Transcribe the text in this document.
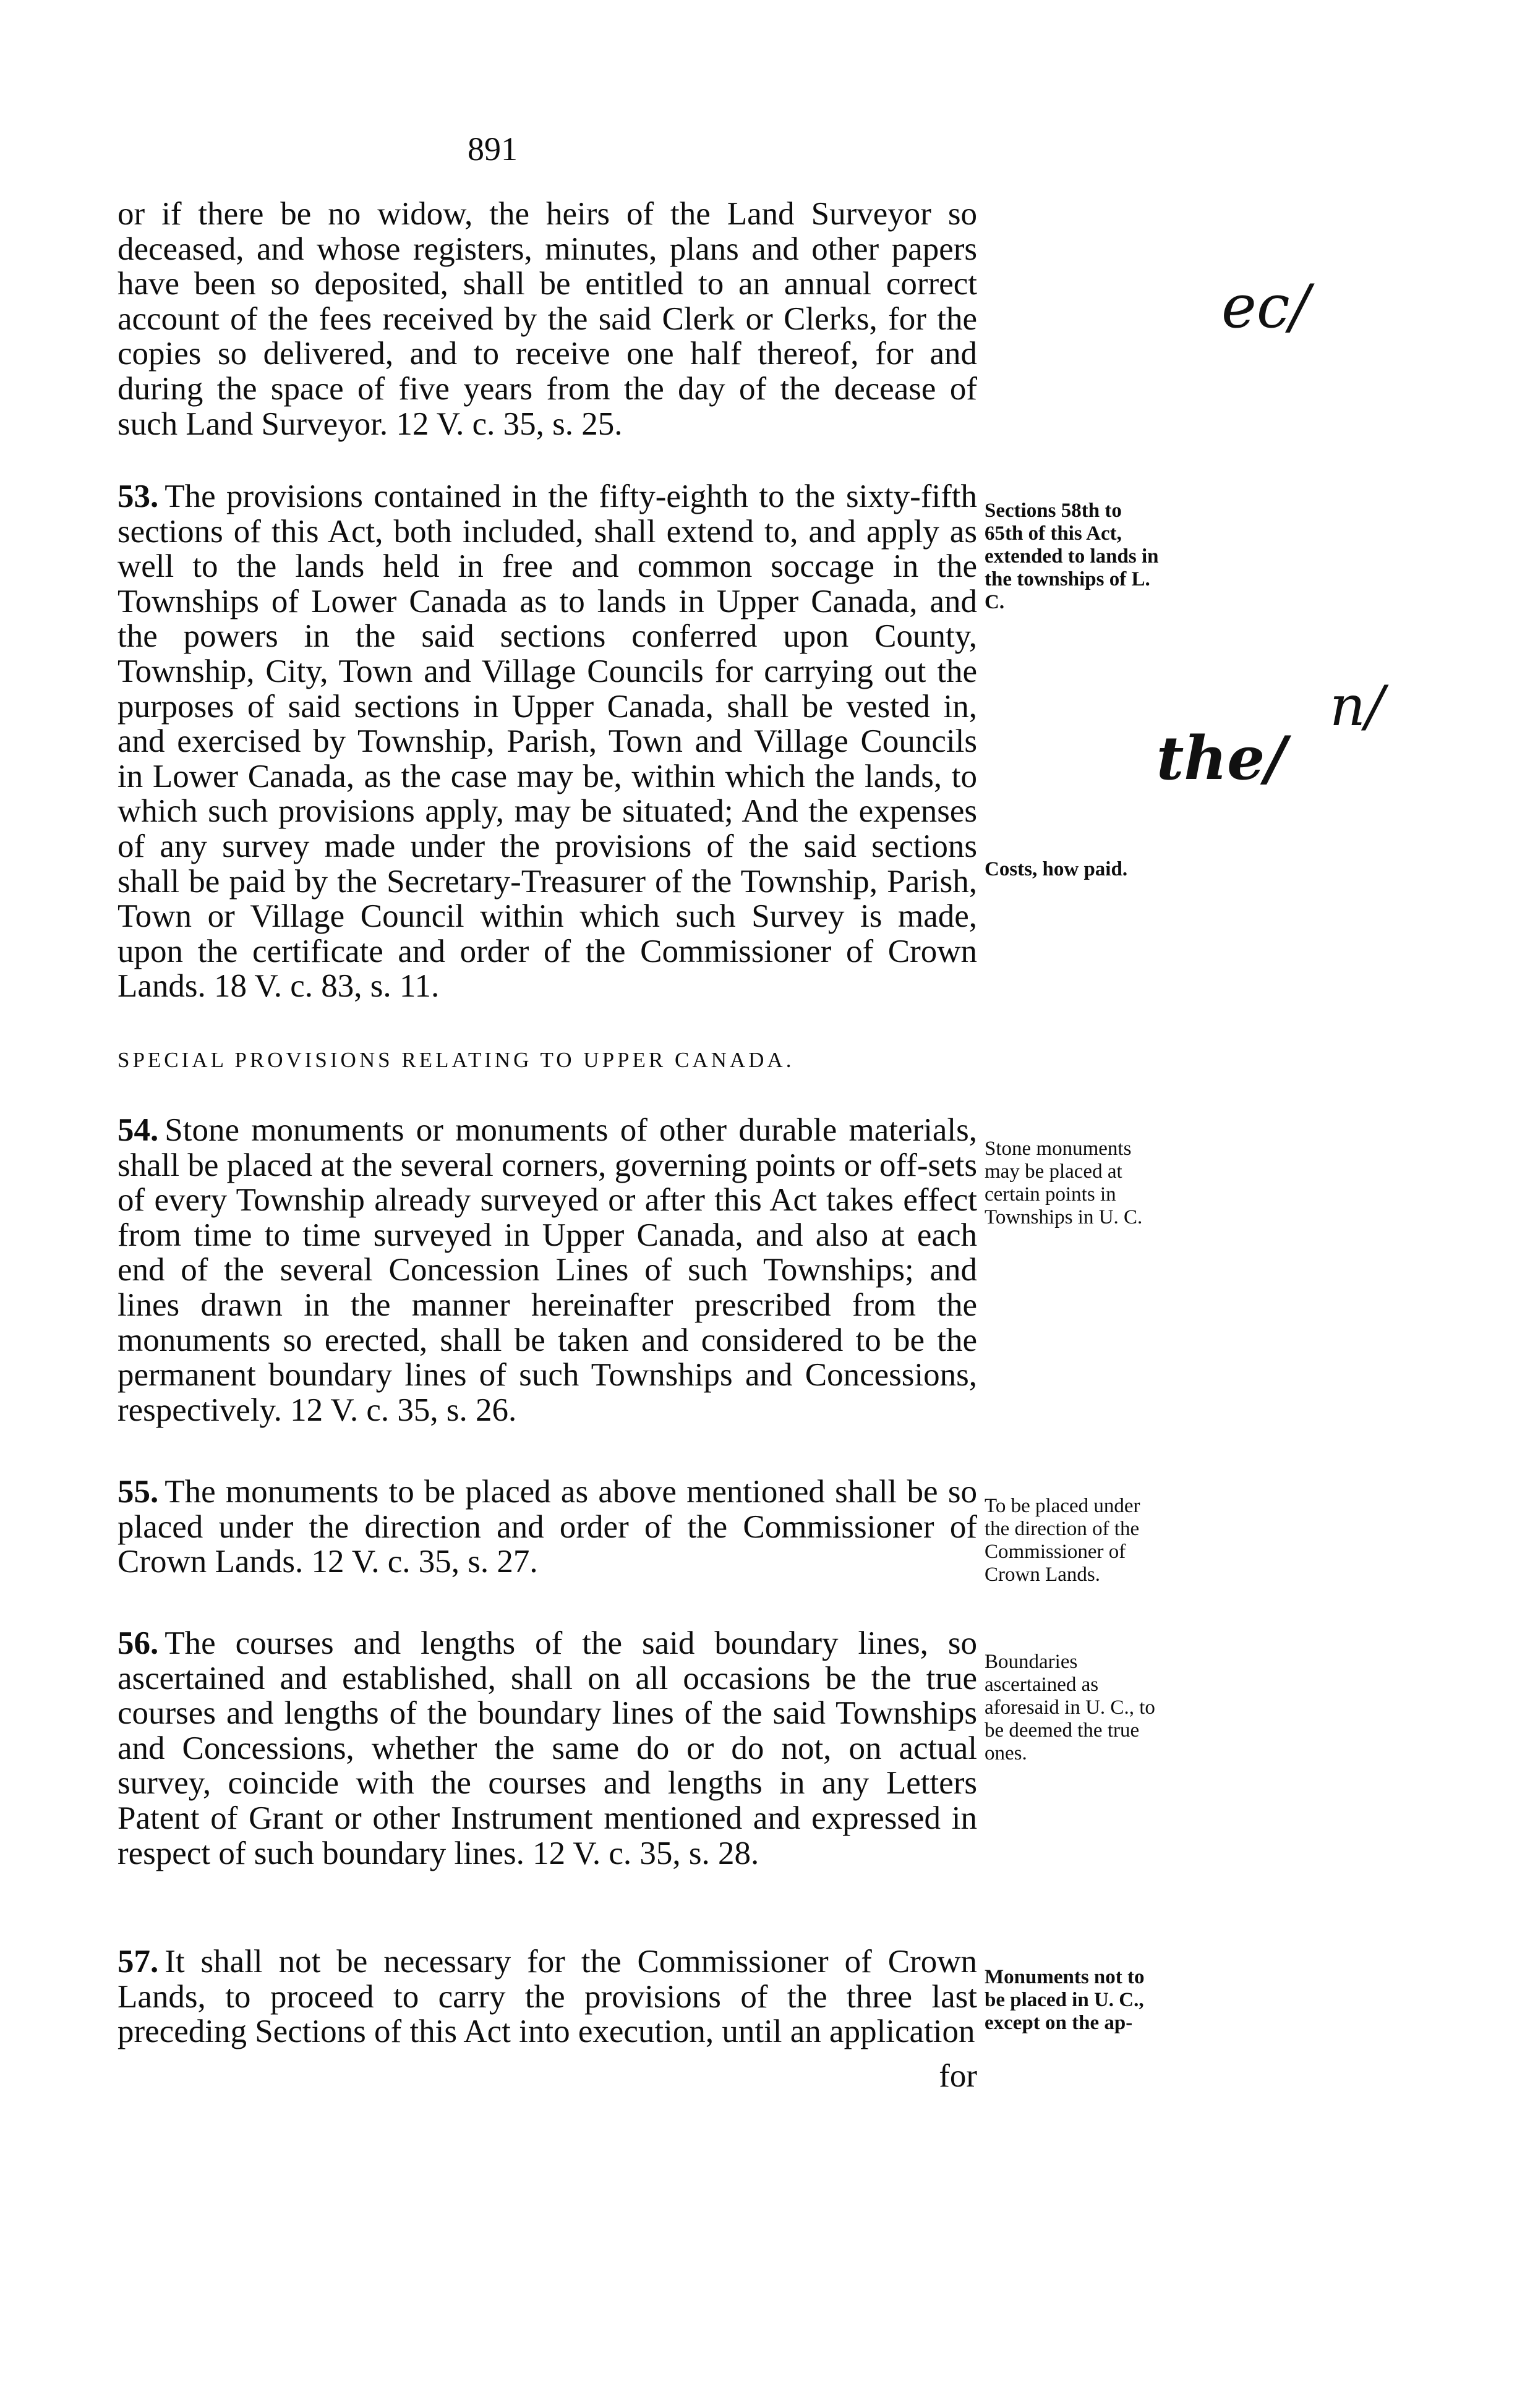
891

or if there be no widow, the heirs of the Land Surveyor so deceased, and whose registers, minutes, plans and other papers have been so deposited, shall be entitled to an annual correct account of the fees received by the said Clerk or Clerks, for the copies so delivered, and to receive one half thereof, for and during the space of five years from the day of the decease of such Land Surveyor. 12 V. c. 35, s. 25.

53. The provisions contained in the fifty-eighth to the sixty-fifth sections of this Act, both included, shall extend to, and apply as well to the lands held in free and common soccage in the Townships of Lower Canada as to lands in Upper Canada, and the powers in the said sections conferred upon County, Township, City, Town and Village Councils for carrying out the purposes of said sections in Upper Canada, shall be vested in, and exercised by Township, Parish, Town and Village Councils in Lower Canada, as the case may be, within which the lands, to which such provisions apply, may be situated; And the expenses of any survey made under the provisions of the said sections shall be paid by the Secretary-Treasurer of the Township, Parish, Town or Village Council within which such Survey is made, upon the certificate and order of the Commissioner of Crown Lands. 18 V. c. 83, s. 11.

Sections 58th to 65th of this Act, extended to lands in the townships of L. C.
Costs, how paid.
SPECIAL PROVISIONS RELATING TO UPPER CANADA.

54. Stone monuments or monuments of other durable materials, shall be placed at the several corners, governing points or off-sets of every Township already surveyed or after this Act takes effect from time to time surveyed in Upper Canada, and also at each end of the several Concession Lines of such Townships; and lines drawn in the manner hereinafter prescribed from the monuments so erected, shall be taken and considered to be the permanent boundary lines of such Townships and Concessions, respectively. 12 V. c. 35, s. 26.

Stone monuments may be placed at certain points in Townships in U. C.

55. The monuments to be placed as above mentioned shall be so placed under the direction and order of the Commissioner of Crown Lands. 12 V. c. 35, s. 27.

To be placed under the direction of the Commissioner of Crown Lands.

56. The courses and lengths of the said boundary lines, so ascertained and established, shall on all occasions be the true courses and lengths of the boundary lines of the said Townships and Concessions, whether the same do or do not, on actual survey, coincide with the courses and lengths in any Letters Patent of Grant or other Instrument mentioned and expressed in respect of such boundary lines. 12 V. c. 35, s. 28.

Boundaries ascertained as aforesaid in U. C., to be deemed the true ones.

57. It shall not be necessary for the Commissioner of Crown Lands, to proceed to carry the provisions of the three last preceding Sections of this Act into execution, until an application

for
Monuments not to be placed in U. C., except on the ap-
ec/
n/
the/
